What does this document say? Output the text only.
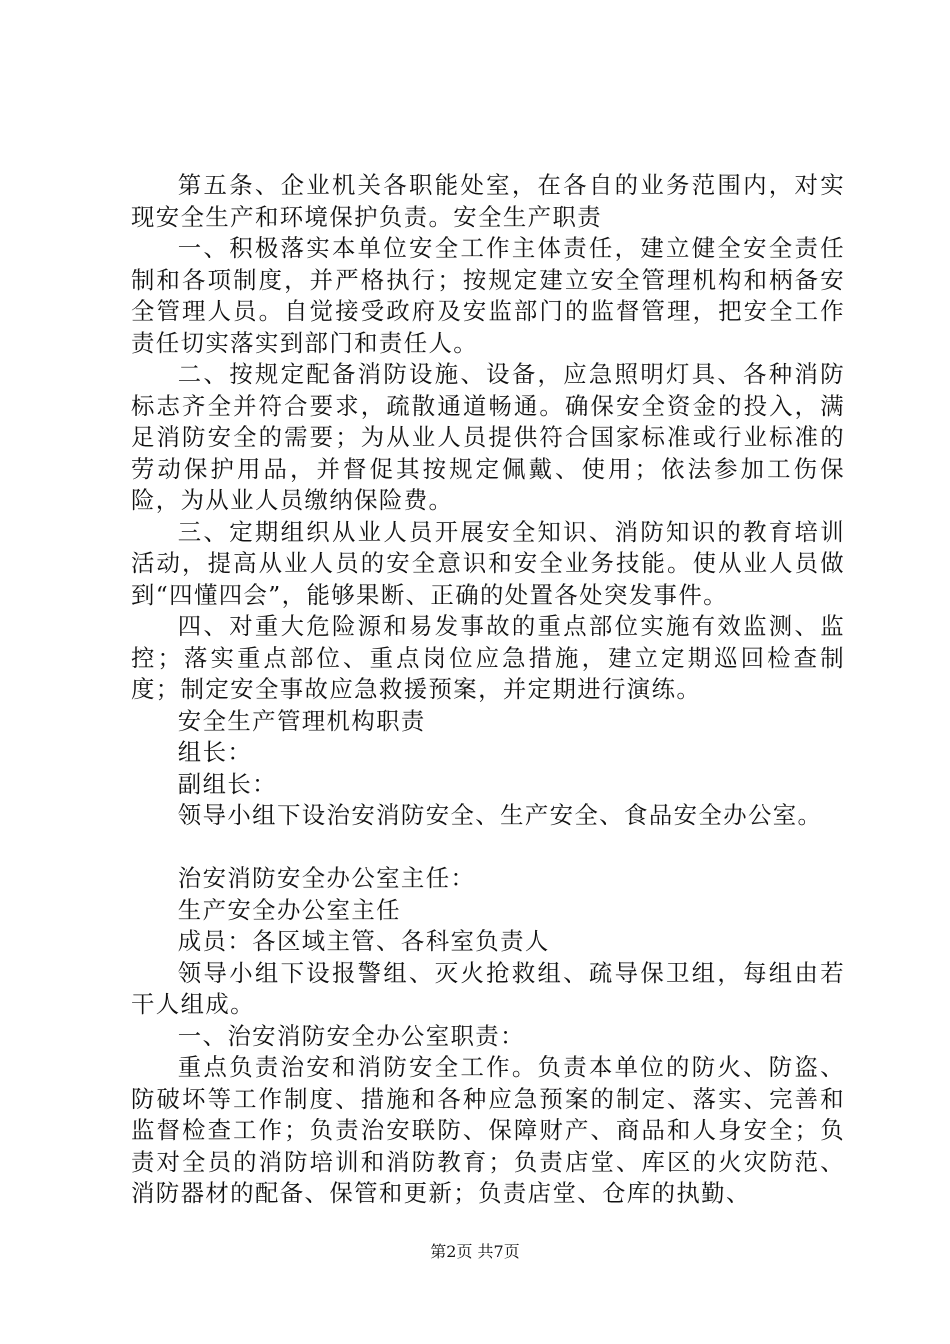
第五条、企业机关各职能处室，在各自的业务范围内，对实现安全生产和环境保护负责。安全生产职责

一、积极落实本单位安全工作主体责任，建立健全安全责任制和各项制度，并严格执行；按规定建立安全管理机构和柄备安全管理人员。自觉接受政府及安监部门的监督管理，把安全工作责任切实落实到部门和责任人。

二、按规定配备消防设施、设备，应急照明灯具、各种消防标志齐全并符合要求，疏散通道畅通。确保安全资金的投入，满足消防安全的需要；为从业人员提供符合国家标准或行业标准的劳动保护用品，并督促其按规定佩戴、使用；依法参加工伤保险，为从业人员缴纳保险费。

三、定期组织从业人员开展安全知识、消防知识的教育培训活动，提高从业人员的安全意识和安全业务技能。使从业人员做到“四懂四会”，能够果断、正确的处置各处突发事件。

四、对重大危险源和易发事故的重点部位实施有效监测、监控；落实重点部位、重点岗位应急措施，建立定期巡回检查制度；制定安全事故应急救援预案，并定期进行演练。

安全生产管理机构职责

组长：

副组长：

领导小组下设治安消防安全、生产安全、食品安全办公室。

治安消防安全办公室主任：

生产安全办公室主任

成员：各区域主管、各科室负责人

领导小组下设报警组、灭火抢救组、疏导保卫组，每组由若干人组成。

一、治安消防安全办公室职责：

重点负责治安和消防安全工作。负责本单位的防火、防盗、防破坏等工作制度、措施和各种应急预案的制定、落实、完善和监督检查工作；负责治安联防、保障财产、商品和人身安全；负责对全员的消防培训和消防教育；负责店堂、库区的火灾防范、消防器材的配备、保管和更新；负责店堂、仓库的执勤、

第2页 共7页
